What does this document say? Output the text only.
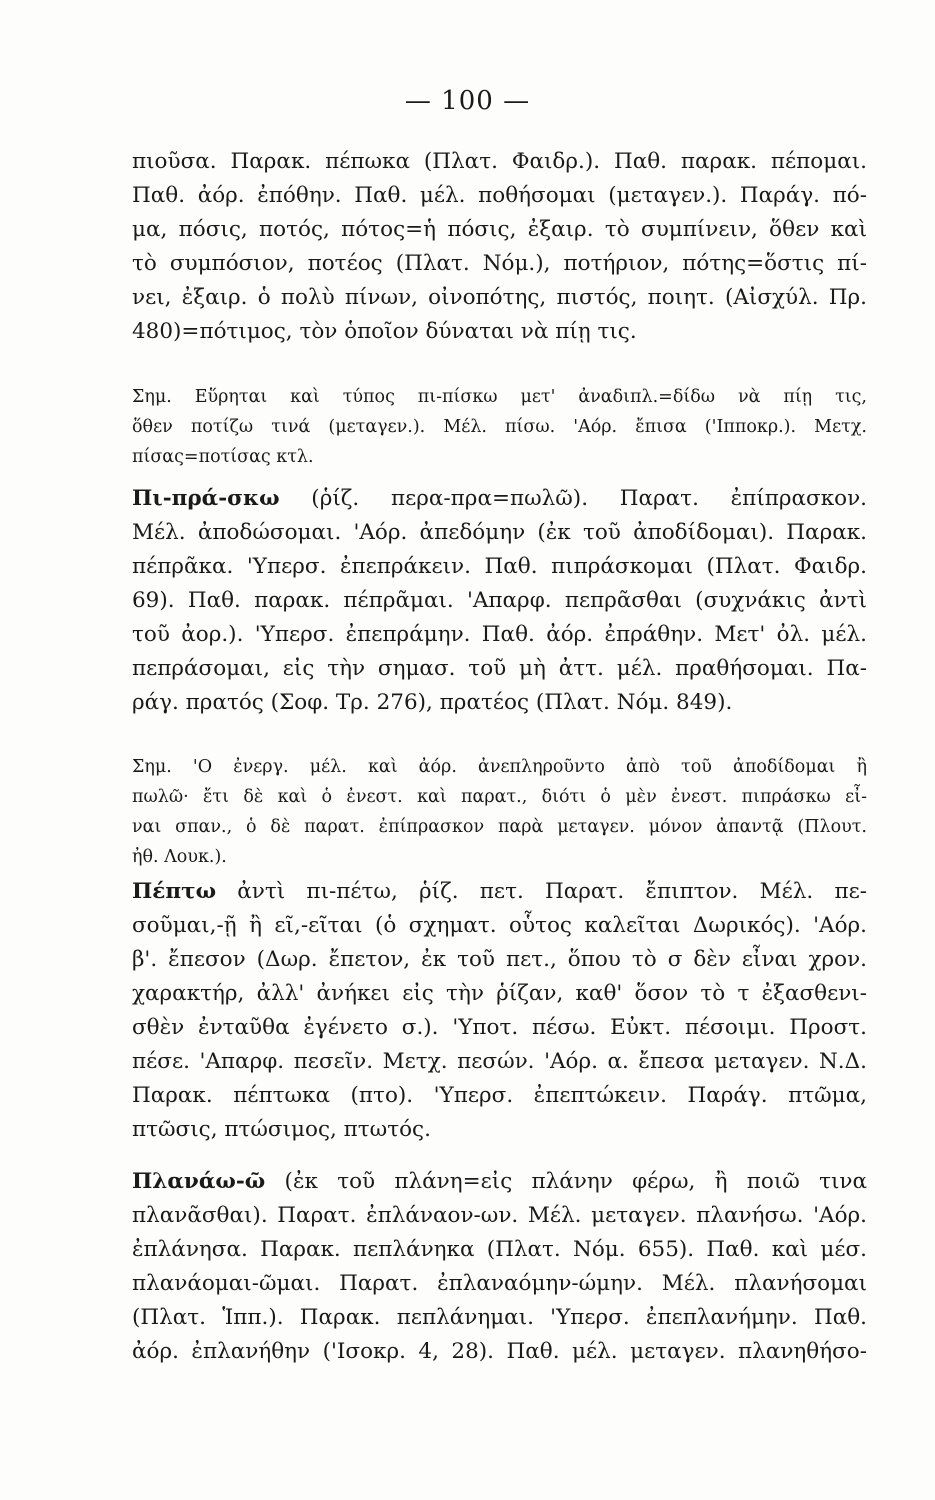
— 100 —
πιοῦσα. Παρακ. πέπωκα (Πλατ. Φαιδρ.). Παθ. παρακ. πέπομαι.
Παθ. ἀόρ. ἐπόθην. Παθ. μέλ. ποθήσομαι (μεταγεν.). Παράγ. πό-
μα, πόσις, ποτός, πότος=ἡ πόσις, ἐξαιρ. τὸ συμπίνειν, ὅθεν καὶ
τὸ συμπόσιον, ποτέος (Πλατ. Νόμ.), ποτήριον, πότης=ὅστις πί-
νει, ἐξαιρ. ὁ πολὺ πίνων, οἰνοπότης, πιστός, ποιητ. (Αἰσχύλ. Πρ.
480)=πότιμος, τὸν ὁποῖον δύναται νὰ πίῃ τις.
Σημ. Εὕρηται καὶ τύπος πι-πίσκω μετ' ἀναδιπλ.=δίδω νὰ πίῃ τις,
ὅθεν ποτίζω τινά (μεταγεν.). Μέλ. πίσω. 'Αόρ. ἔπισα ('Ιπποκρ.). Μετχ.
πίσας=ποτίσας κτλ.
Πι-πρά-σκω (ῥίζ. περα-πρα=πωλῶ). Παρατ. ἐπίπρασκον.
Μέλ. ἀποδώσομαι. 'Αόρ. ἀπεδόμην (ἐκ τοῦ ἀποδίδομαι). Παρακ.
πέπρᾶκα. 'Υπερσ. ἐπεπράκειν. Παθ. πιπράσκομαι (Πλατ. Φαιδρ.
69). Παθ. παρακ. πέπρᾶμαι. 'Απαρφ. πεπρᾶσθαι (συχνάκις ἀντὶ
τοῦ ἀορ.). 'Υπερσ. ἐπεπράμην. Παθ. ἀόρ. ἐπράθην. Μετ' ὀλ. μέλ.
πεπράσομαι, εἰς τὴν σημασ. τοῦ μὴ ἀττ. μέλ. πραθήσομαι. Πα-
ράγ. πρατός (Σοφ. Τρ. 276), πρατέος (Πλατ. Νόμ. 849).
Σημ. 'Ο ἐνεργ. μέλ. καὶ ἀόρ. ἀνεπληροῦντο ἀπὸ τοῦ ἀποδίδομαι ἢ
πωλῶ· ἔτι δὲ καὶ ὁ ἐνεστ. καὶ παρατ., διότι ὁ μὲν ἐνεστ. πιπράσκω εἶ-
ναι σπαν., ὁ δὲ παρατ. ἐπίπρασκον παρὰ μεταγεν. μόνον ἀπαντᾷ (Πλουτ.
ἠθ. Λουκ.).
Πέπτω ἀντὶ πι-πέτω, ῥίζ. πετ. Παρατ. ἔπιπτον. Μέλ. πε-
σοῦμαι,-ῇ ἢ εῖ,-εῖται (ὁ σχηματ. οὗτος καλεῖται Δωρικός). 'Αόρ.
β'. ἔπεσον (Δωρ. ἔπετον, ἐκ τοῦ πετ., ὅπου τὸ σ δὲν εἶναι χρον.
χαρακτήρ, ἀλλ' ἀνήκει εἰς τὴν ῥίζαν, καθ' ὅσον τὸ τ ἐξασθενι-
σθὲν ἐνταῦθα ἐγένετο σ.). 'Υποτ. πέσω. Εὐκτ. πέσοιμι. Προστ.
πέσε. 'Απαρφ. πεσεῖν. Μετχ. πεσών. 'Αόρ. α. ἔπεσα μεταγεν. Ν.Δ.
Παρακ. πέπτωκα (πτο). 'Υπερσ. ἐπεπτώκειν. Παράγ. πτῶμα,
πτῶσις, πτώσιμος, πτωτός.
Πλανάω-ῶ (ἐκ τοῦ πλάνη=εἰς πλάνην φέρω, ἢ ποιῶ τινα
πλανᾶσθαι). Παρατ. ἐπλάναον-ων. Μέλ. μεταγεν. πλανήσω. 'Αόρ.
ἐπλάνησα. Παρακ. πεπλάνηκα (Πλατ. Νόμ. 655). Παθ. καὶ μέσ.
πλανάομαι-ῶμαι. Παρατ. ἐπλαναόμην-ώμην. Μέλ. πλανήσομαι
(Πλατ. Ἱππ.). Παρακ. πεπλάνημαι. 'Υπερσ. ἐπεπλανήμην. Παθ.
ἀόρ. ἐπλανήθην ('Ισοκρ. 4, 28). Παθ. μέλ. μεταγεν. πλανηθήσο-
